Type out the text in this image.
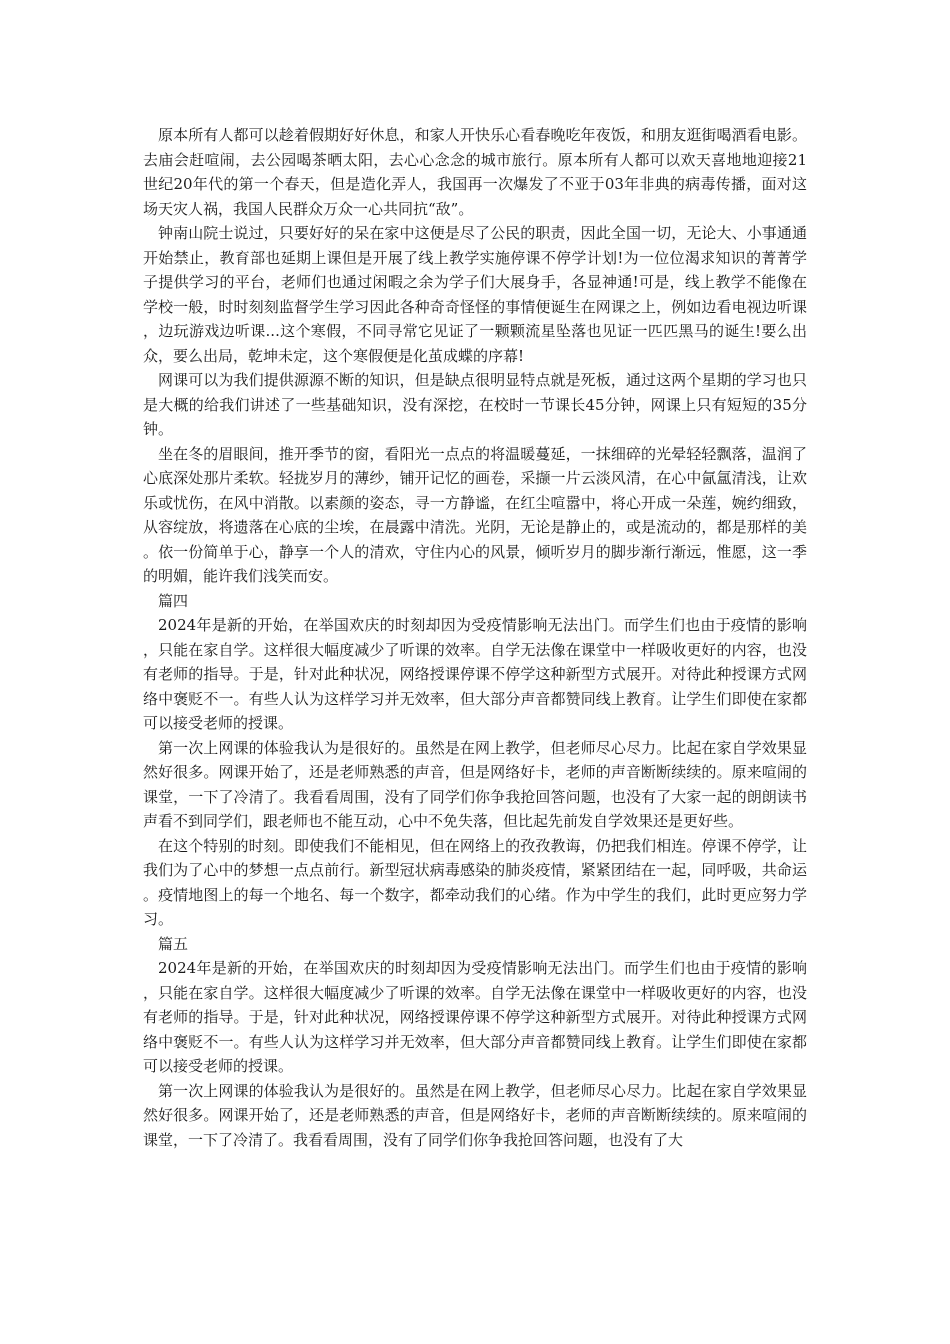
原本所有人都可以趁着假期好好休息，和家人开快乐心看春晚吃年夜饭，和朋友逛街喝酒看电影。去庙会赶喧闹，去公园喝茶晒太阳，去心心念念的城市旅行。原本所有人都可以欢天喜地地迎接21世纪20年代的第一个春天，但是造化弄人，我国再一次爆发了不亚于03年非典的病毒传播，面对这场天灾人祸，我国人民群众万众一心共同抗“敌”。

钟南山院士说过，只要好好的呆在家中这便是尽了公民的职责，因此全国一切，无论大、小事通通开始禁止，教育部也延期上课但是开展了线上教学实施停课不停学计划!为一位位渴求知识的菁菁学子提供学习的平台，老师们也通过闲暇之余为学子们大展身手，各显神通!可是，线上教学不能像在学校一般，时时刻刻监督学生学习因此各种奇奇怪怪的事情便诞生在网课之上，例如边看电视边听课，边玩游戏边听课...这个寒假，不同寻常它见证了一颗颗流星坠落也见证一匹匹黑马的诞生!要么出众，要么出局，乾坤未定，这个寒假便是化茧成蝶的序幕!

网课可以为我们提供源源不断的知识，但是缺点很明显特点就是死板，通过这两个星期的学习也只是大概的给我们讲述了一些基础知识，没有深挖，在校时一节课长45分钟，网课上只有短短的35分钟。

坐在冬的眉眼间，推开季节的窗，看阳光一点点的将温暖蔓延，一抹细碎的光晕轻轻飘落，温润了心底深处那片柔软。轻拢岁月的薄纱，铺开记忆的画卷，采撷一片云淡风清，在心中氤氲清浅，让欢乐或忧伤，在风中消散。以素颜的姿态，寻一方静谧，在红尘喧嚣中，将心开成一朵莲，婉约细致，从容绽放，将遗落在心底的尘埃，在晨露中清洗。光阴，无论是静止的，或是流动的，都是那样的美。依一份简单于心，静享一个人的清欢，守住内心的风景，倾听岁月的脚步渐行渐远，惟愿，这一季的明媚，能许我们浅笑而安。

篇四

2024年是新的开始，在举国欢庆的时刻却因为受疫情影响无法出门。而学生们也由于疫情的影响，只能在家自学。这样很大幅度减少了听课的效率。自学无法像在课堂中一样吸收更好的内容，也没有老师的指导。于是，针对此种状况，网络授课停课不停学这种新型方式展开。对待此种授课方式网络中褒贬不一。有些人认为这样学习并无效率，但大部分声音都赞同线上教育。让学生们即使在家都可以接受老师的授课。

第一次上网课的体验我认为是很好的。虽然是在网上教学，但老师尽心尽力。比起在家自学效果显然好很多。网课开始了，还是老师熟悉的声音，但是网络好卡，老师的声音断断续续的。原来喧闹的课堂，一下了冷清了。我看看周围，没有了同学们你争我抢回答问题，也没有了大家一起的朗朗读书声看不到同学们，跟老师也不能互动，心中不免失落，但比起先前发自学效果还是更好些。

在这个特别的时刻。即使我们不能相见，但在网络上的孜孜教诲，仍把我们相连。停课不停学，让我们为了心中的梦想一点点前行。新型冠状病毒感染的肺炎疫情，紧紧团结在一起，同呼吸，共命运。疫情地图上的每一个地名、每一个数字，都牵动我们的心绪。作为中学生的我们，此时更应努力学习。

篇五

2024年是新的开始，在举国欢庆的时刻却因为受疫情影响无法出门。而学生们也由于疫情的影响，只能在家自学。这样很大幅度减少了听课的效率。自学无法像在课堂中一样吸收更好的内容，也没有老师的指导。于是，针对此种状况，网络授课停课不停学这种新型方式展开。对待此种授课方式网络中褒贬不一。有些人认为这样学习并无效率，但大部分声音都赞同线上教育。让学生们即使在家都可以接受老师的授课。

第一次上网课的体验我认为是很好的。虽然是在网上教学，但老师尽心尽力。比起在家自学效果显然好很多。网课开始了，还是老师熟悉的声音，但是网络好卡，老师的声音断断续续的。原来喧闹的课堂，一下了冷清了。我看看周围，没有了同学们你争我抢回答问题，也没有了大
